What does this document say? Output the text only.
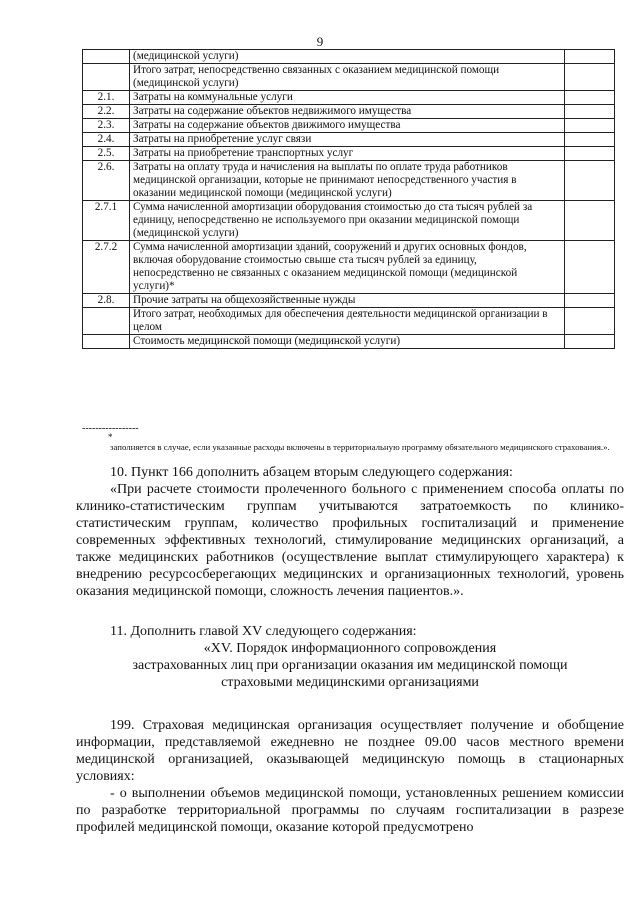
9
	(медицинской услуги)	
	Итого затрат, непосредственно связанных с оказанием медицинской помощи (медицинской услуги)	
2.1.	Затраты на коммунальные услуги	
2.2.	Затраты на содержание объектов недвижимого имущества	
2.3.	Затраты на содержание объектов движимого имущества	
2.4.	Затраты на приобретение услуг связи	
2.5.	Затраты на приобретение транспортных услуг	
2.6.	Затраты на оплату труда и начисления на выплаты по оплате труда работников медицинской организации, которые не принимают непосредственного участия в оказании медицинской помощи (медицинской услуги)	
2.7.1	Сумма начисленной амортизации оборудования стоимостью до ста тысяч рублей за единицу, непосредственно не используемого при оказании медицинской помощи (медицинской услуги)	
2.7.2	Сумма начисленной амортизации зданий, сооружений и других основных фондов, включая оборудование стоимостью свыше ста тысяч рублей за единицу, непосредственно не связанных с оказанием медицинской помощи (медицинской услуги)*	
2.8.	Прочие затраты на общехозяйственные нужды	
	Итого затрат, необходимых для обеспечения деятельности медицинской организации в целом	
	Стоимость медицинской помощи (медицинской услуги)	
-----------------
*
заполняется в случае, если указанные расходы включены в территориальную программу обязательного медицинского страхования.».

10. Пункт 166 дополнить абзацем вторым следующего содержания:

«При расчете стоимости пролеченного больного с применением способа оплаты по клинико-статистическим группам учитываются затратоемкость по клинико-статистическим группам, количество профильных госпитализаций и применение современных эффективных технологий, стимулирование медицинских организаций, а также медицинских работников (осуществление выплат стимулирующего характера) к внедрению ресурсосберегающих медицинских и организационных технологий, уровень оказания медицинской помощи, сложность лечения пациентов.».

11. Дополнить главой XV следующего содержания:

«XV. Порядок информационного сопровождения

застрахованных лиц при организации оказания им медицинской помощи

страховыми медицинскими организациями

199. Страховая медицинская организация осуществляет получение и обобщение информации, представляемой ежедневно не позднее 09.00 часов местного времени медицинской организацией, оказывающей медицинскую помощь в стационарных условиях:

- о выполнении объемов медицинской помощи, установленных решением комиссии по разработке территориальной программы по случаям госпитализации в разрезе профилей медицинской помощи, оказание которой предусмотрено
